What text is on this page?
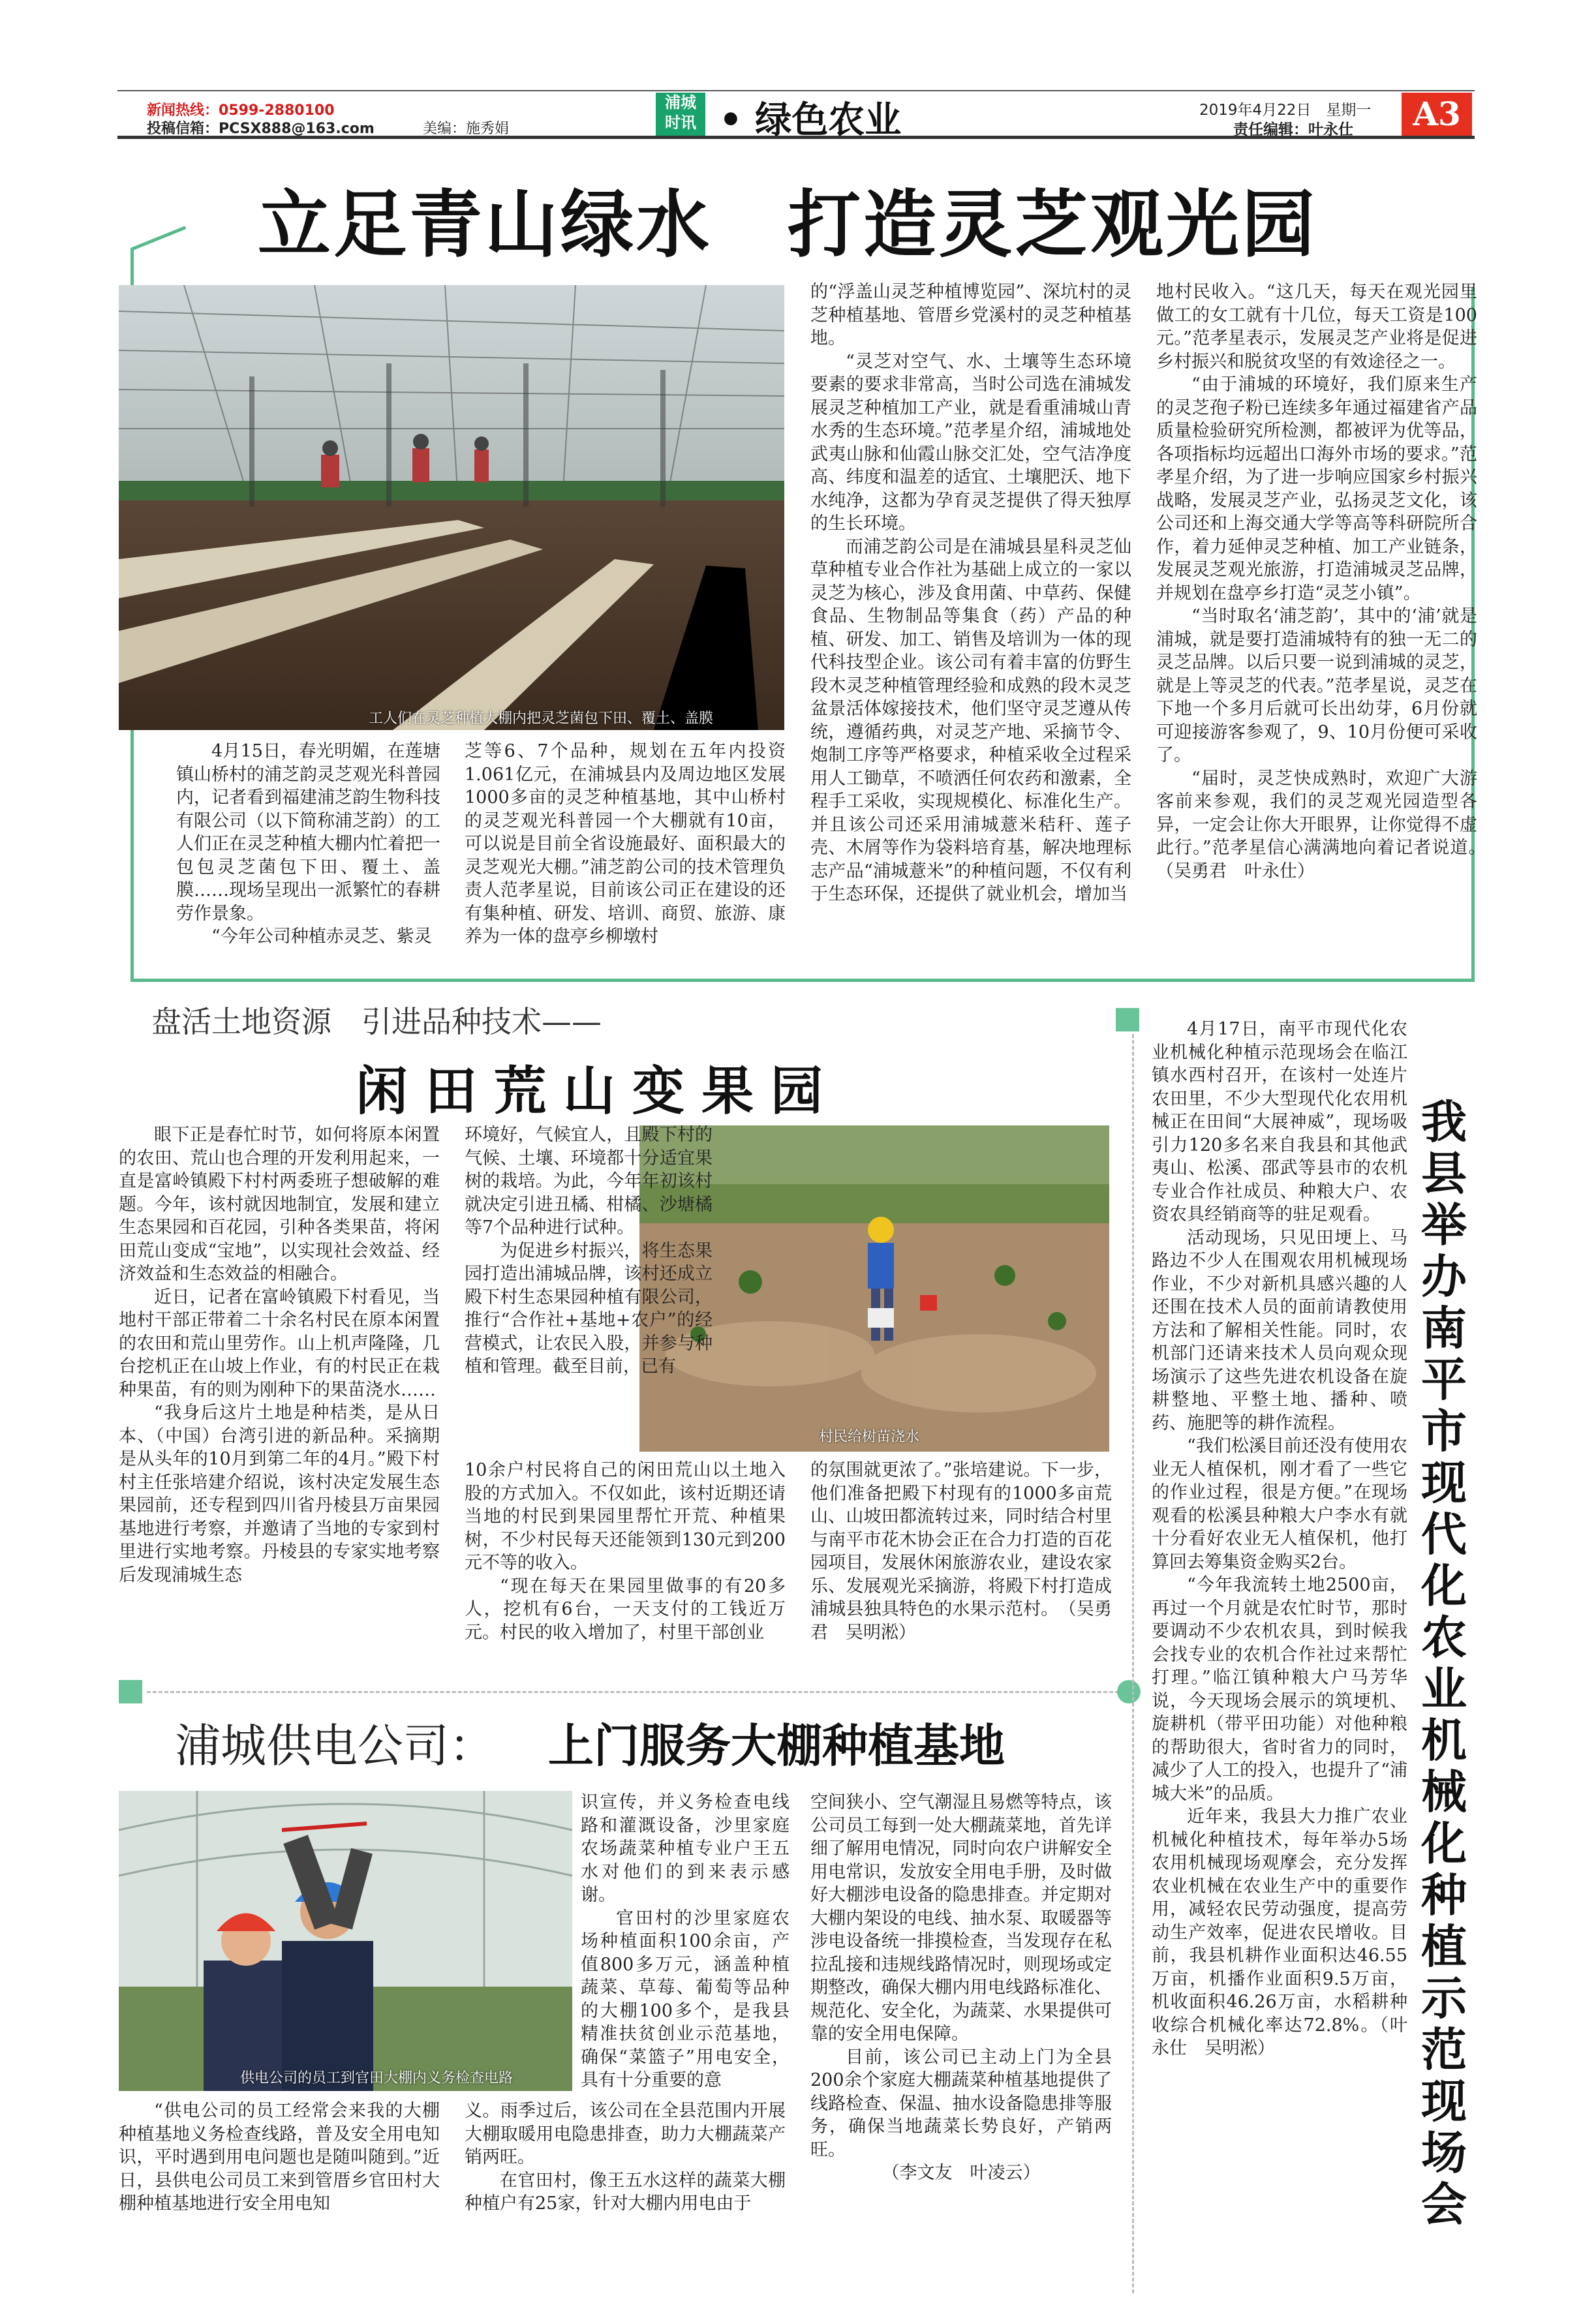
新闻热线：0599-2880100
投稿信箱：PCSX888@163.com	美编：施秀娟
浦城
时讯 • 绿色农业	2019年4月22日　星期一
责任编辑：叶永仕	A3
立足青山绿水　打造灵芝观光园
工人们在灵芝种植大棚内把灵芝菌包下田、覆土、盖膜

4月15日，春光明媚，在莲塘镇山桥村的浦芝韵灵芝观光科普园内，记者看到福建浦芝韵生物科技有限公司（以下简称浦芝韵）的工人们正在灵芝种植大棚内忙着把一包包灵芝菌包下田、覆土、盖膜……现场呈现出一派繁忙的春耕劳作景象。

“今年公司种植赤灵芝、紫灵

芝等6、7个品种，规划在五年内投资1.061亿元，在浦城县内及周边地区发展1000多亩的灵芝种植基地，其中山桥村的灵芝观光科普园一个大棚就有10亩，可以说是目前全省设施最好、面积最大的灵芝观光大棚。”浦芝韵公司的技术管理负责人范孝星说，目前该公司正在建设的还有集种植、研发、培训、商贸、旅游、康养为一体的盘亭乡柳墩村

的“浮盖山灵芝种植博览园”、深坑村的灵芝种植基地、管厝乡党溪村的灵芝种植基地。

“灵芝对空气、水、土壤等生态环境要素的要求非常高，当时公司选在浦城发展灵芝种植加工产业，就是看重浦城山青水秀的生态环境。”范孝星介绍，浦城地处武夷山脉和仙霞山脉交汇处，空气洁净度高、纬度和温差的适宜、土壤肥沃、地下水纯净，这都为孕育灵芝提供了得天独厚的生长环境。

而浦芝韵公司是在浦城县星科灵芝仙草种植专业合作社为基础上成立的一家以灵芝为核心，涉及食用菌、中草药、保健食品、生物制品等集食（药）产品的种植、研发、加工、销售及培训为一体的现代科技型企业。该公司有着丰富的仿野生段木灵芝种植管理经验和成熟的段木灵芝盆景活体嫁接技术，他们坚守灵芝遵从传统，遵循药典，对灵芝产地、采摘节令、炮制工序等严格要求，种植采收全过程采用人工锄草，不喷洒任何农药和激素，全程手工采收，实现规模化、标准化生产。并且该公司还采用浦城薏米秸秆、莲子壳、木屑等作为袋料培育基，解决地理标志产品“浦城薏米”的种植问题，不仅有利于生态环保，还提供了就业机会，增加当

地村民收入。“这几天，每天在观光园里做工的女工就有十几位，每天工资是100元。”范孝星表示，发展灵芝产业将是促进乡村振兴和脱贫攻坚的有效途径之一。

“由于浦城的环境好，我们原来生产的灵芝孢子粉已连续多年通过福建省产品质量检验研究所检测，都被评为优等品，各项指标均远超出口海外市场的要求。”范孝星介绍，为了进一步响应国家乡村振兴战略，发展灵芝产业，弘扬灵芝文化，该公司还和上海交通大学等高等科研院所合作，着力延伸灵芝种植、加工产业链条，发展灵芝观光旅游，打造浦城灵芝品牌，并规划在盘亭乡打造“灵芝小镇”。

“当时取名‘浦芝韵’，其中的‘浦’就是浦城，就是要打造浦城特有的独一无二的灵芝品牌。以后只要一说到浦城的灵芝，就是上等灵芝的代表。”范孝星说，灵芝在下地一个多月后就可长出幼芽，6月份就可迎接游客参观了，9、10月份便可采收了。

“届时，灵芝快成熟时，欢迎广大游客前来参观，我们的灵芝观光园造型各异，一定会让你大开眼界，让你觉得不虚此行。”范孝星信心满满地向着记者说道。　　（吴勇君　叶永仕）

盘活土地资源　引进品种技术——
闲田荒山变果园

眼下正是春忙时节，如何将原本闲置的农田、荒山也合理的开发利用起来，一直是富岭镇殿下村村两委班子想破解的难题。今年，该村就因地制宜，发展和建立生态果园和百花园，引种各类果苗，将闲田荒山变成“宝地”，以实现社会效益、经济效益和生态效益的相融合。

近日，记者在富岭镇殿下村看见，当地村干部正带着二十余名村民在原本闲置的农田和荒山里劳作。山上机声隆隆，几台挖机正在山坡上作业，有的村民正在栽种果苗，有的则为刚种下的果苗浇水……

“我身后这片土地是种桔类，是从日本、（中国）台湾引进的新品种。采摘期是从头年的10月到第二年的4月。”殿下村村主任张培建介绍说，该村决定发展生态果园前，还专程到四川省丹棱县万亩果园基地进行考察，并邀请了当地的专家到村里进行实地考察。丹棱县的专家实地考察后发现浦城生态

村民给树苗浇水

环境好，气候宜人，且殿下村的气候、土壤、环境都十分适宜果树的栽培。为此，今年年初该村就决定引进丑橘、柑橘、沙塘橘等7个品种进行试种。

为促进乡村振兴，将生态果园打造出浦城品牌，该村还成立殿下村生态果园种植有限公司，推行“合作社+基地+农户”的经营模式，让农民入股，并参与种植和管理。截至目前，已有

10余户村民将自己的闲田荒山以土地入股的方式加入。不仅如此，该村近期还请当地的村民到果园里帮忙开荒、种植果树，不少村民每天还能领到130元到200元不等的收入。

“现在每天在果园里做事的有20多人，挖机有6台，一天支付的工钱近万元。村民的收入增加了，村里干部创业

的氛围就更浓了。”张培建说。下一步，他们准备把殿下村现有的1000多亩荒山、山坡田都流转过来，同时结合村里与南平市花木协会正在合力打造的百花园项目，发展休闲旅游农业，建设农家乐、发展观光采摘游，将殿下村打造成浦城县独具特色的水果示范村。　（吴勇君　吴明淞）

浦城供电公司： 上门服务大棚种植基地
供电公司的员工到官田大棚内义务检查电路

“供电公司的员工经常会来我的大棚种植基地义务检查线路，普及安全用电知识，平时遇到用电问题也是随叫随到。”近日，县供电公司员工来到管厝乡官田村大棚种植基地进行安全用电知

识宣传，并义务检查电线路和灌溉设备，沙里家庭农场蔬菜种植专业户王五水对他们的到来表示感谢。

官田村的沙里家庭农场种植面积100余亩，产值800多万元，涵盖种植蔬菜、草莓、葡萄等品种的大棚100多个，是我县精准扶贫创业示范基地，确保“菜篮子”用电安全，具有十分重要的意

义。雨季过后，该公司在全县范围内开展大棚取暖用电隐患排查，助力大棚蔬菜产销两旺。

在官田村，像王五水这样的蔬菜大棚种植户有25家，针对大棚内用电由于

空间狭小、空气潮湿且易燃等特点，该公司员工每到一处大棚蔬菜地，首先详细了解用电情况，同时向农户讲解安全用电常识，发放安全用电手册，及时做好大棚涉电设备的隐患排查。并定期对大棚内架设的电线、抽水泵、取暖器等涉电设备统一排摸检查，当发现存在私拉乱接和违规线路情况时，则现场或定期整改，确保大棚内用电线路标准化、规范化、安全化，为蔬菜、水果提供可靠的安全用电保障。

目前，该公司已主动上门为全县200余个家庭大棚蔬菜种植基地提供了线路检查、保温、抽水设备隐患排等服务，确保当地蔬菜长势良好，产销两旺。

（李文友　叶凌云）

4月17日，南平市现代化农业机械化种植示范现场会在临江镇水西村召开，在该村一处连片农田里，不少大型现代化农用机械正在田间“大展神威”，现场吸引力120多名来自我县和其他武夷山、松溪、邵武等县市的农机专业合作社成员、种粮大户、农资农具经销商等的驻足观看。

活动现场，只见田埂上、马路边不少人在围观农用机械现场作业，不少对新机具感兴趣的人还围在技术人员的面前请教使用方法和了解相关性能。同时，农机部门还请来技术人员向观众现场演示了这些先进农机设备在旋耕整地、平整土地、播种、喷药、施肥等的耕作流程。

“我们松溪目前还没有使用农业无人植保机，刚才看了一些它的作业过程，很是方便。”在现场观看的松溪县种粮大户李水有就十分看好农业无人植保机，他打算回去筹集资金购买2台。

“今年我流转土地2500亩，再过一个月就是农忙时节，那时要调动不少农机农具，到时候我会找专业的农机合作社过来帮忙打理。”临江镇种粮大户马芳华说，今天现场会展示的筑埂机、旋耕机（带平田功能）对他种粮的帮助很大，省时省力的同时，减少了人工的投入，也提升了“浦城大米”的品质。

近年来，我县大力推广农业机械化种植技术，每年举办5场农用机械现场观摩会，充分发挥农业机械在农业生产中的重要作用，减轻农民劳动强度，提高劳动生产效率，促进农民增收。目前，我县机耕作业面积达46.55万亩，机播作业面积9.5万亩，机收面积46.26万亩，水稻耕种收综合机械化率达72.8%。（叶永仕　吴明淞）

我县举办南平市现代化农业机械化种植示范现场会
